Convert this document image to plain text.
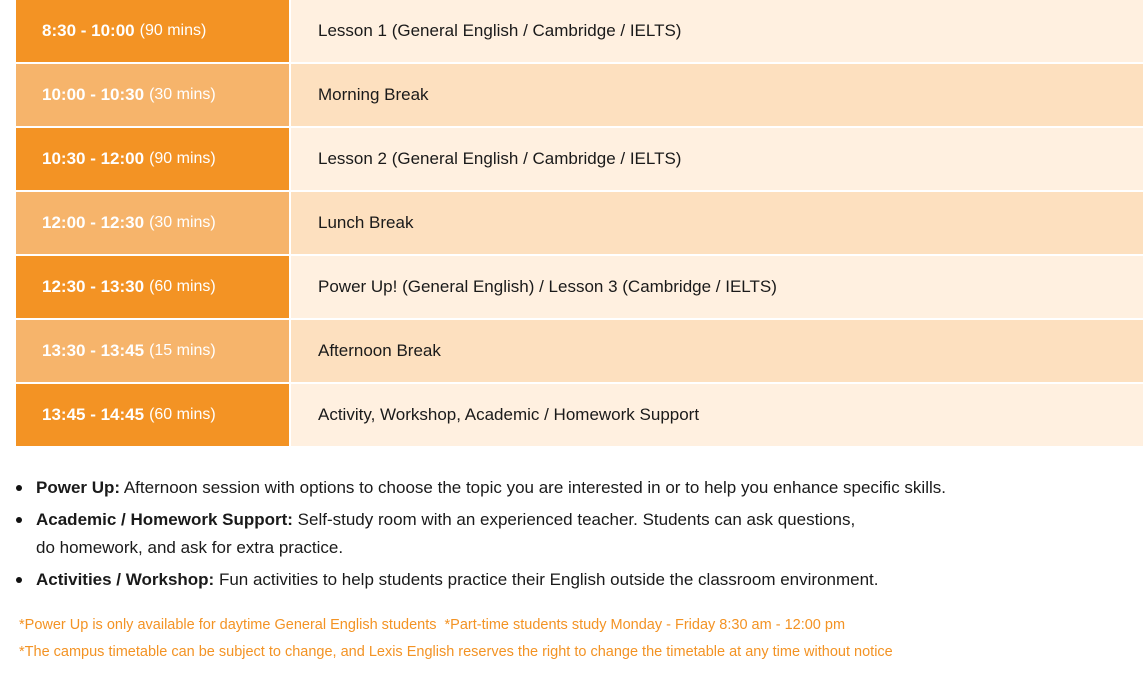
8:30 - 10:00 (90 mins)	Lesson 1 (General English / Cambridge / IELTS)
10:00 - 10:30 (30 mins)	Morning Break
10:30 - 12:00 (90 mins)	Lesson 2 (General English / Cambridge / IELTS)
12:00 - 12:30 (30 mins)	Lunch Break
12:30 - 13:30 (60 mins)	Power Up! (General English) / Lesson 3 (Cambridge / IELTS)
13:30 - 13:45 (15 mins)	Afternoon Break
13:45 - 14:45 (60 mins)	Activity, Workshop, Academic / Homework Support
Power Up: Afternoon session with options to choose the topic you are interested in or to help you enhance specific skills.
Academic / Homework Support: Self-study room with an experienced teacher. Students can ask questions,
do homework, and ask for extra practice.
Activities / Workshop: Fun activities to help students practice their English outside the classroom environment.
*Power Up is only available for daytime General English students *Part-time students study Monday - Friday 8:30 am - 12:00 pm
*The campus timetable can be subject to change, and Lexis English reserves the right to change the timetable at any time without notice
